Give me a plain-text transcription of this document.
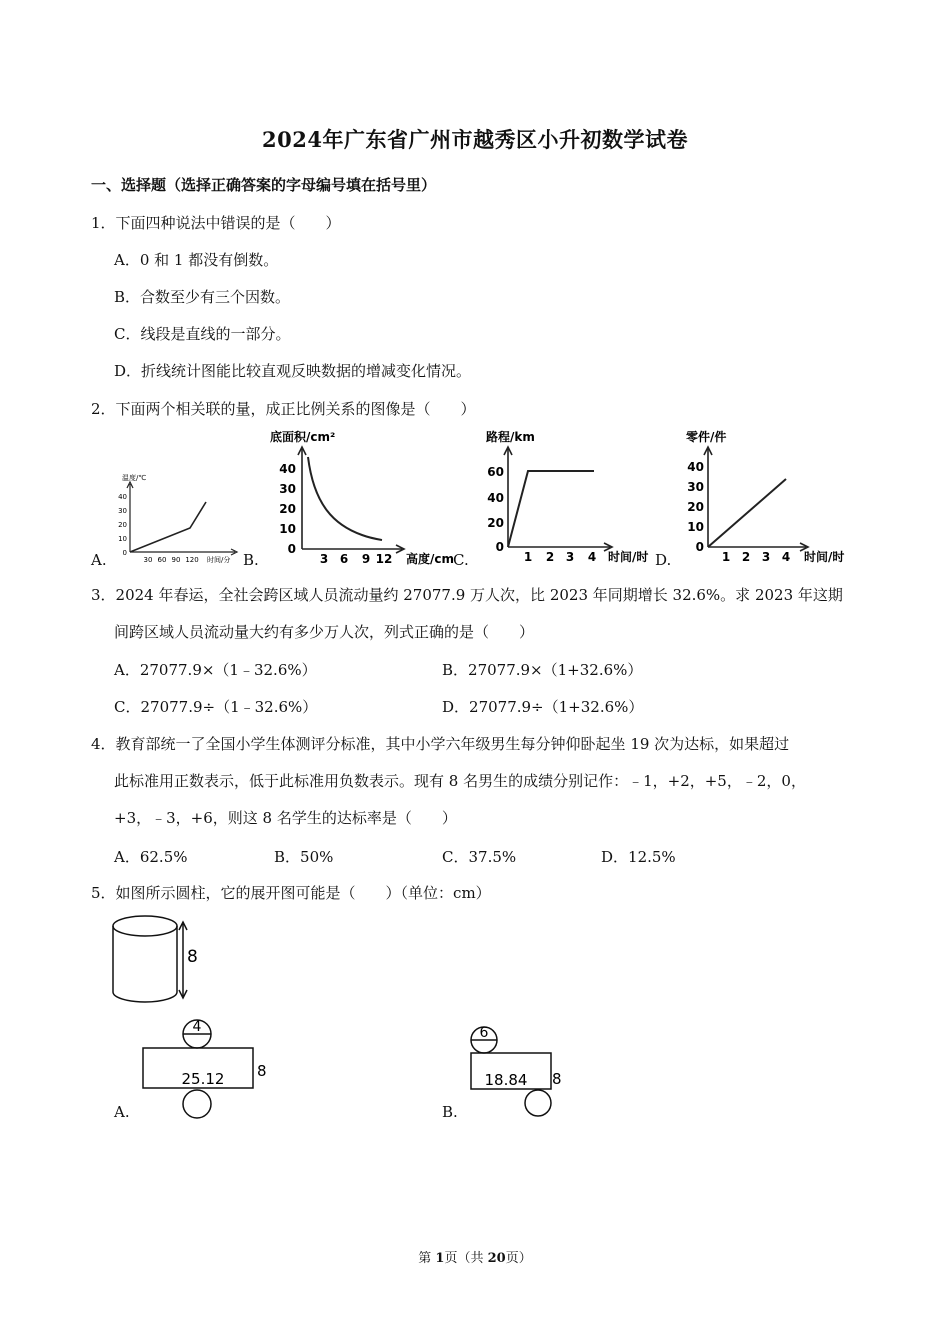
2024年广东省广州市越秀区小升初数学试卷
一、选择题（选择正确答案的字母编号填在括号里）
1．下面四种说法中错误的是（　　）
A．0 和 1 都没有倒数。
B．合数至少有三个因数。
C．线段是直线的一部分。
D．折线统计图能比较直观反映数据的增减变化情况。
2．下面两个相关联的量，成正比例关系的图像是（　　）
温度/℃
0
10
20
30
40
30 60 90 120 时间/分
A.
底面积/cm²
0
10
20
30
40
3 6 9 12 高度/cm
B.
路程/km
0
20
40
60
1 2 3 4 时间/时
C.
零件/件
0
10
20
30
40
1 2 3 4 时间/时
D.
3．2024 年春运，全社会跨区域人员流动量约 27077.9 万人次，比 2023 年同期增长 32.6%。求 2023 年这期
间跨区域人员流动量大约有多少万人次，列式正确的是（　　）
A．27077.9×（1﹣32.6%）	B．27077.9×（1+32.6%）
C．27077.9÷（1﹣32.6%）	D．27077.9÷（1+32.6%）
4．教育部统一了全国小学生体测评分标准，其中小学六年级男生每分钟仰卧起坐 19 次为达标，如果超过
此标准用正数表示，低于此标准用负数表示。现有 8 名男生的成绩分别记作：﹣1，+2，+5，﹣2，0，
+3，﹣3，+6，则这 8 名学生的达标率是（　　）
A．62.5%	B．50%	C．37.5%	D．12.5%
5．如图所示圆柱，它的展开图可能是（　　）（单位：cm）
8
4
25.12 8
A.
6
18.84 8
B.
第 1页（共 20页）
